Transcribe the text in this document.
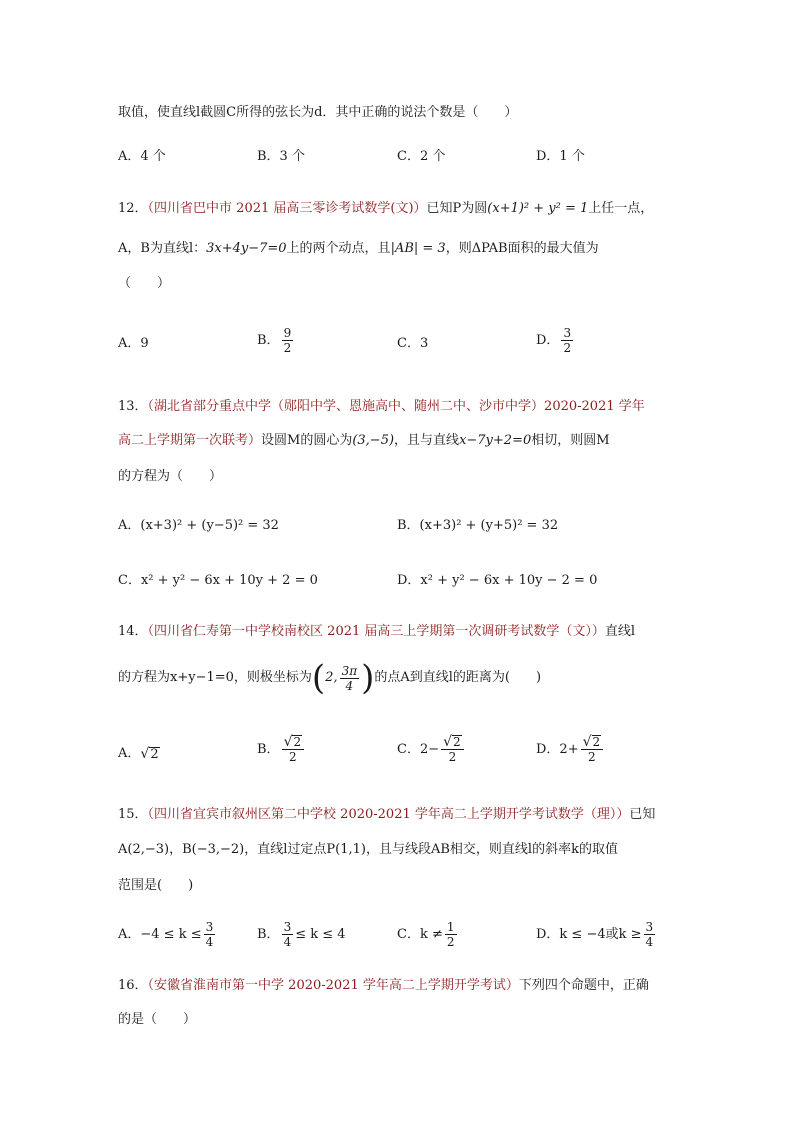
取值，使直线l截圆C所得的弦长为d．其中正确的说法个数是（　　）
A．4 个	B．3 个	C．2 个	D．1 个
12．（四川省巴中市 2021 届高三零诊考试数学(文)）已知P为圆(x+1)² + y² = 1上任一点，
A，B为直线l：3x+4y−7=0上的两个动点，且|AB| = 3，则ΔPAB面积的最大值为
（　　）
A．9	B． $\frac{9}{2}$	C．3	D． $\frac{3}{2}$
13．（湖北省部分重点中学（郧阳中学、恩施高中、随州二中、沙市中学）2020-2021 学年
高二上学期第一次联考）设圆M的圆心为(3,−5)，且与直线x−7y+2=0相切，则圆M
的方程为（　　）
A．(x+3)² + (y−5)² = 32	B．(x+3)² + (y+5)² = 32
C．x² + y² − 6x + 10y + 2 = 0	D．x² + y² − 6x + 10y − 2 = 0
14．（四川省仁寿第一中学校南校区 2021 届高三上学期第一次调研考试数学（文））直线l
的方程为x+y−1=0，则极坐标为 ( 2, $\frac{3\pi}{4}$ ) 的点A到直线l的距离为(　　)
A． √ 2	B． $\frac{√ 2}{2}$	C．$2- \frac{√ 2}{2}$	D．$2+ \frac{√ 2}{2}$
15．（四川省宜宾市叙州区第二中学校 2020-2021 学年高二上学期开学考试数学（理））已知
A(2,−3)，B(−3,−2)，直线l过定点P(1,1)，且与线段AB相交，则直线l的斜率k的取值
范围是(　　)
A．$-4 \le k \le \frac{3}{4}$	B． $\frac{3}{4} \le k \le 4$	C．$k \ne \frac{1}{2}$	D．k ≤ −4或$k \ge \frac{3}{4}$
16．（安徽省淮南市第一中学 2020-2021 学年高二上学期开学考试）下列四个命题中，正确
的是（　　）
